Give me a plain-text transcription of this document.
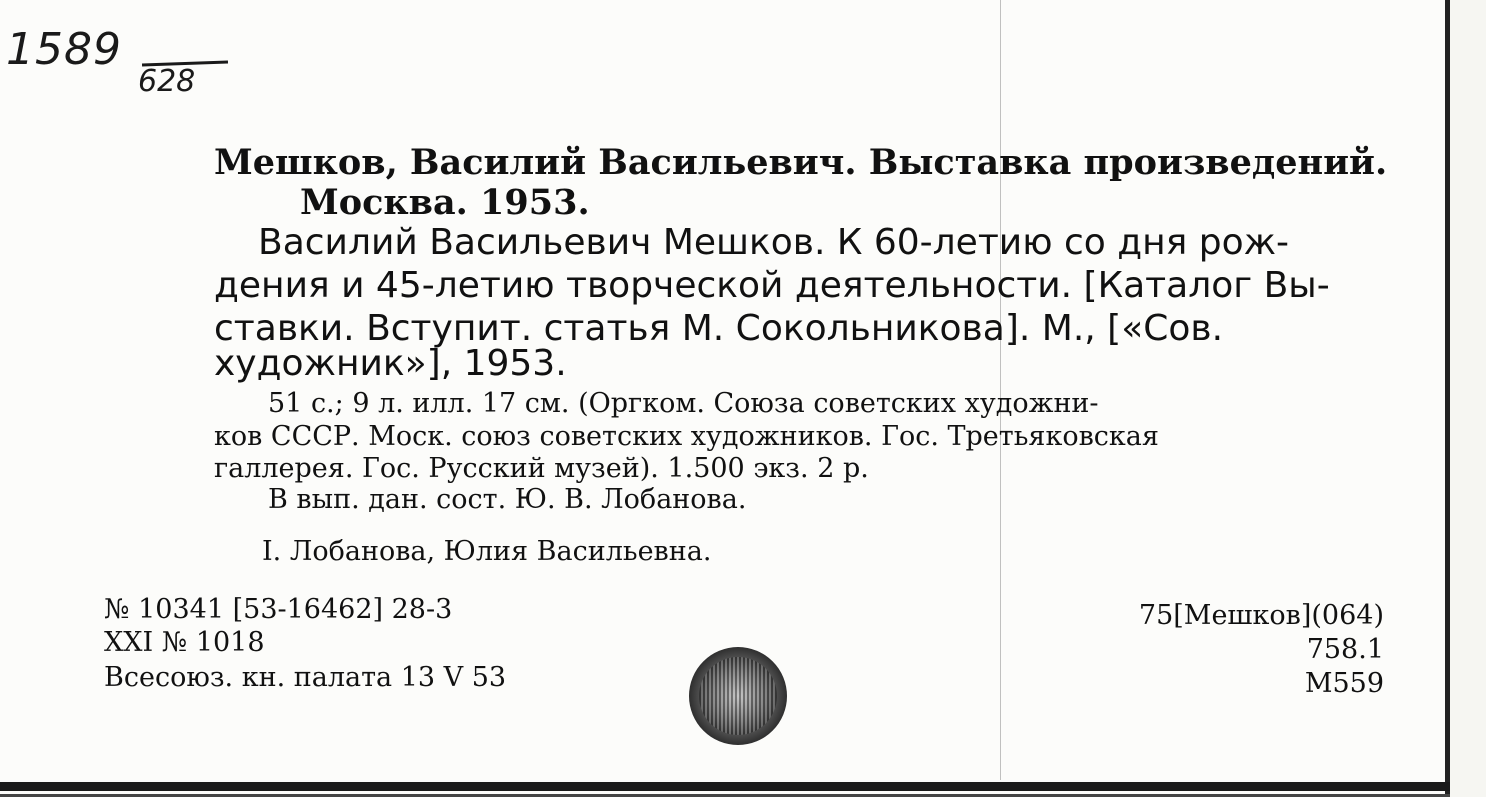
1589
628
Мешков, Василий Васильевич. Выставка произведений.
Москва. 1953.
Василий Васильевич Мешков. К 60-летию со дня рож-
дения и 45-летию творческой деятельности. [Каталог Вы-
ставки. Вступит. статья М. Сокольникова]. М., [«Сов.
художник»], 1953.
51 с.; 9 л. илл. 17 см. (Оргком. Союза советских художни-
ков СССР. Моск. союз советских художников. Гос. Третьяковская
галлерея. Гос. Русский музей). 1.500 экз. 2 р.
В вып. дан. сост. Ю. В. Лобанова.
I. Лобанова, Юлия Васильевна.
№ 10341 [53-16462] 28-3
XXI № 1018
Всесоюз. кн. палата 13 V 53
75[Мешков](064)
758.1
М559
